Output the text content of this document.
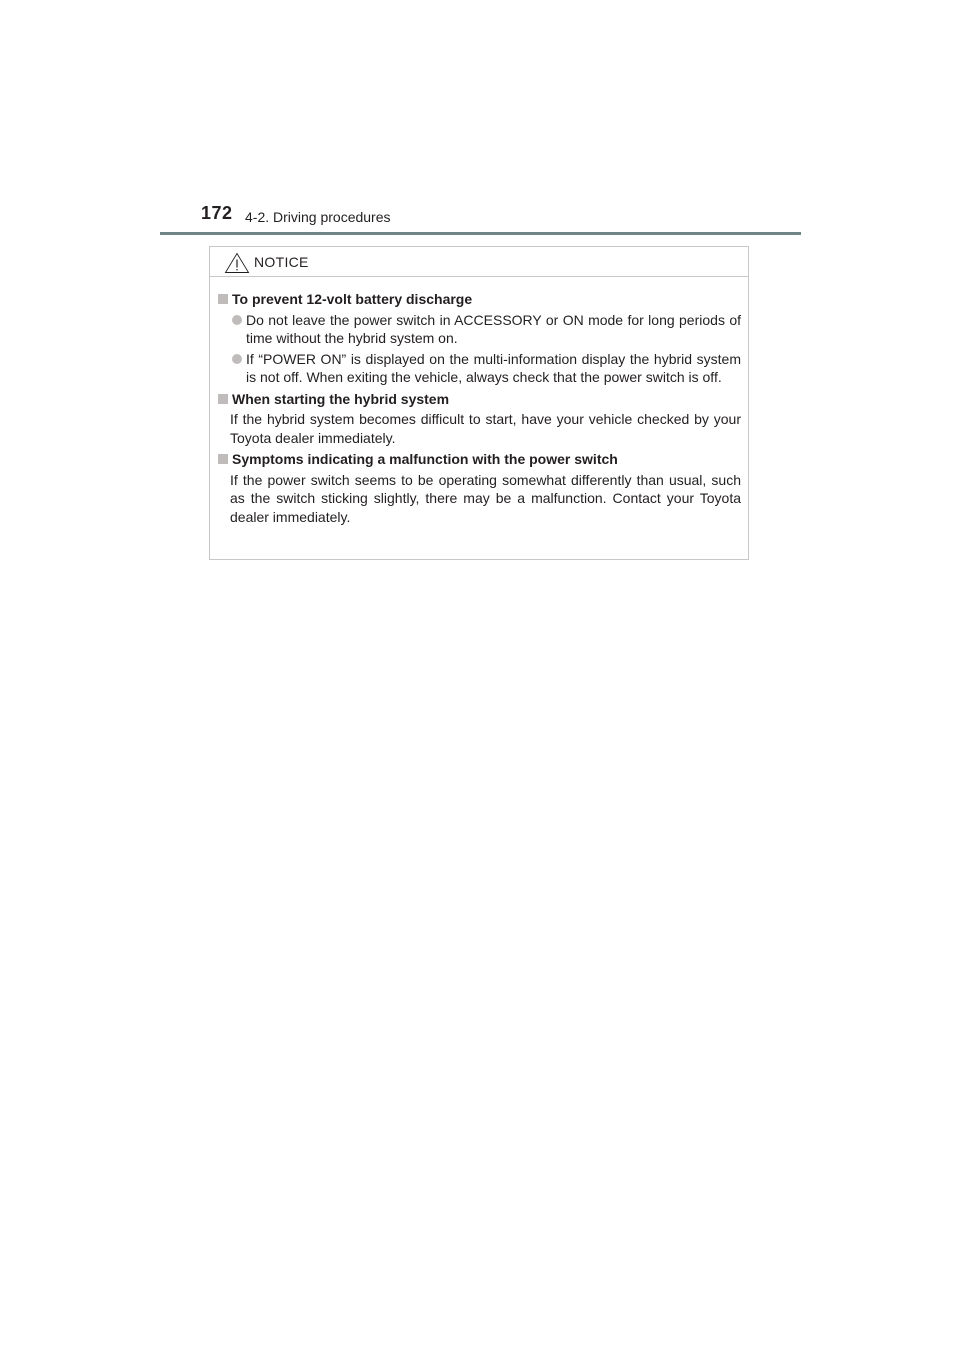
172 4-2. Driving procedures
NOTICE
To prevent 12-volt battery discharge
Do not leave the power switch in ACCESSORY or ON mode for long periods of time without the hybrid system on.
If “POWER ON” is displayed on the multi-information display the hybrid system is not off. When exiting the vehicle, always check that the power switch is off.
When starting the hybrid system
If the hybrid system becomes difficult to start, have your vehicle checked by your Toyota dealer immediately.
Symptoms indicating a malfunction with the power switch
If the power switch seems to be operating somewhat differently than usual, such as the switch sticking slightly, there may be a malfunction. Contact your Toyota dealer immediately.
